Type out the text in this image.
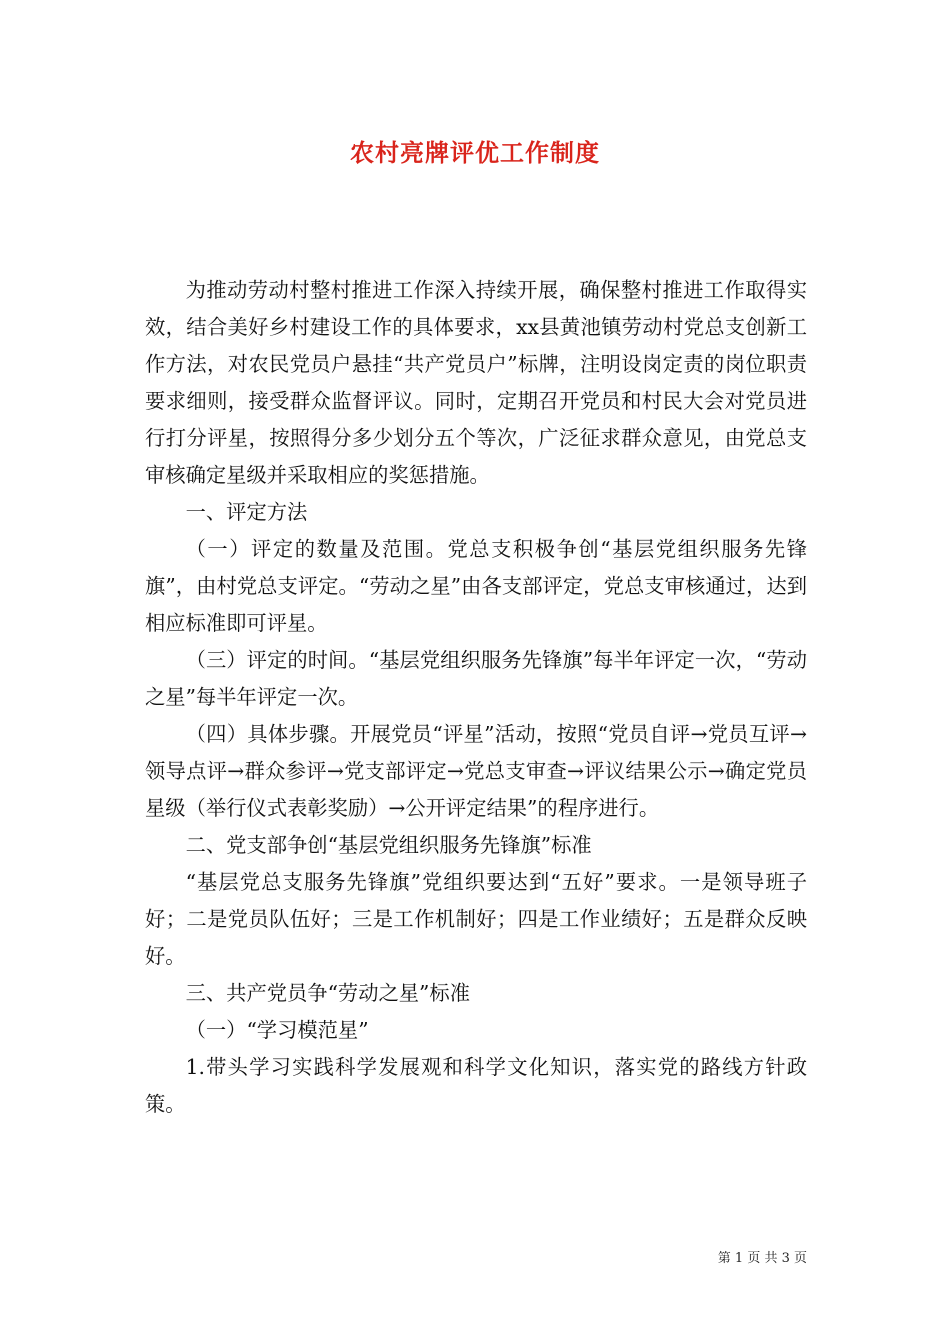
农村亮牌评优工作制度

为推动劳动村整村推进工作深入持续开展，确保整村推进工作取得实效，结合美好乡村建设工作的具体要求，xx县黄池镇劳动村党总支创新工作方法，对农民党员户悬挂“共产党员户”标牌，注明设岗定责的岗位职责要求细则，接受群众监督评议。同时，定期召开党员和村民大会对党员进行打分评星，按照得分多少划分五个等次，广泛征求群众意见，由党总支审核确定星级并采取相应的奖惩措施。

一、评定方法

（一）评定的数量及范围。党总支积极争创“基层党组织服务先锋旗”，由村党总支评定。“劳动之星”由各支部评定，党总支审核通过，达到相应标准即可评星。

（三）评定的时间。“基层党组织服务先锋旗”每半年评定一次，“劳动之星”每半年评定一次。

（四）具体步骤。开展党员“评星”活动，按照“党员自评→党员互评→领导点评→群众参评→党支部评定→党总支审查→评议结果公示→确定党员星级（举行仪式表彰奖励）→公开评定结果”的程序进行。

二、党支部争创“基层党组织服务先锋旗”标准

“基层党总支服务先锋旗”党组织要达到“五好”要求。一是领导班子好；二是党员队伍好；三是工作机制好；四是工作业绩好；五是群众反映好。

三、共产党员争“劳动之星”标准

（一）“学习模范星”

1.带头学习实践科学发展观和科学文化知识，落实党的路线方针政策。

第 1 页 共 3 页
